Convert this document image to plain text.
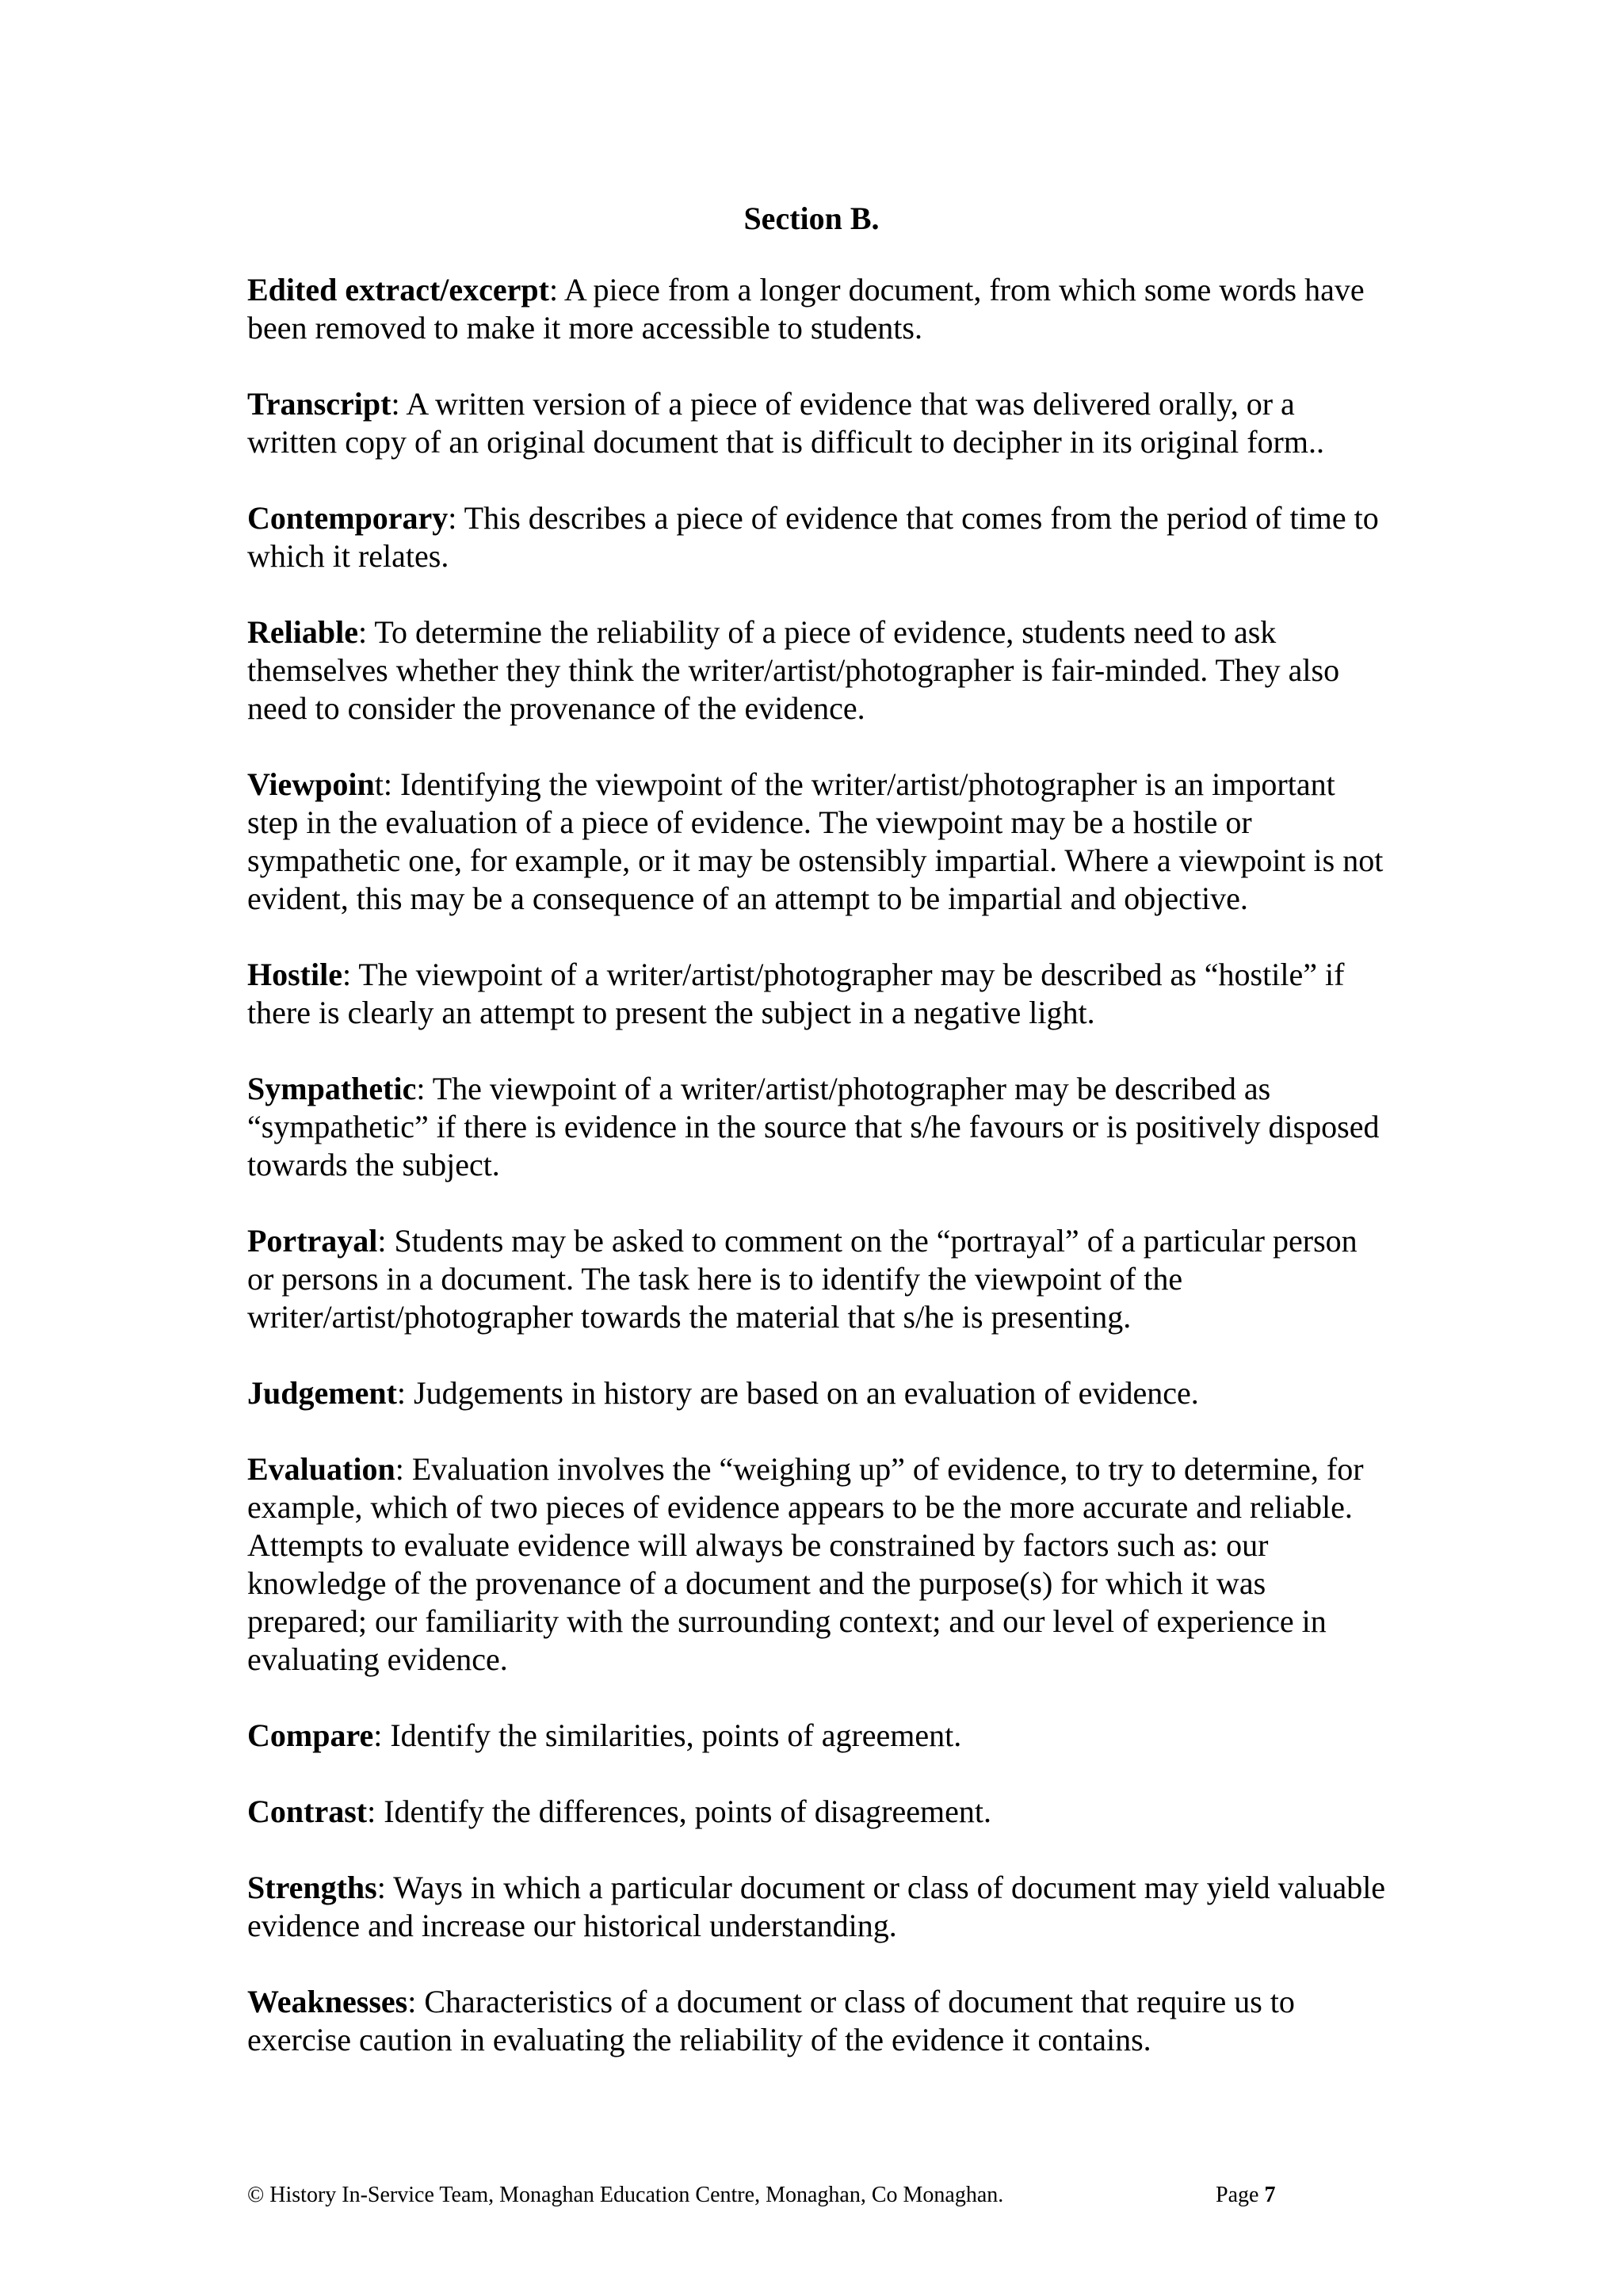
Section B.

Edited extract/excerpt: A piece from a longer document, from which some words have been removed to make it more accessible to students.

Transcript: A written version of a piece of evidence that was delivered orally, or a written copy of an original document that is difficult to decipher in its original form..

Contemporary: This describes a piece of evidence that comes from the period of time to which it relates.

Reliable: To determine the reliability of a piece of evidence, students need to ask themselves whether they think the writer/artist/photographer is fair-minded. They also need to consider the provenance of the evidence.

Viewpoint: Identifying the viewpoint of the writer/artist/photographer is an important step in the evaluation of a piece of evidence. The viewpoint may be a hostile or sympathetic one, for example, or it may be ostensibly impartial. Where a viewpoint is not evident, this may be a consequence of an attempt to be impartial and objective.

Hostile: The viewpoint of a writer/artist/photographer may be described as “hostile” if there is clearly an attempt to present the subject in a negative light.

Sympathetic: The viewpoint of a writer/artist/photographer may be described as “sympathetic” if there is evidence in the source that s/he favours or is positively disposed towards the subject.

Portrayal: Students may be asked to comment on the “portrayal” of a particular person or persons in a document. The task here is to identify the viewpoint of the writer/artist/photographer towards the material that s/he is presenting.

Judgement: Judgements in history are based on an evaluation of evidence.

Evaluation: Evaluation involves the “weighing up” of evidence, to try to determine, for example, which of two pieces of evidence appears to be the more accurate and reliable. Attempts to evaluate evidence will always be constrained by factors such as: our knowledge of the provenance of a document and the purpose(s) for which it was prepared; our familiarity with the surrounding context; and our level of experience in evaluating evidence.

Compare: Identify the similarities, points of agreement.

Contrast: Identify the differences, points of disagreement.

Strengths: Ways in which a particular document or class of document may yield valuable evidence and increase our historical understanding.

Weaknesses: Characteristics of a document or class of document that require us to exercise caution in evaluating the reliability of the evidence it contains.

© History In-Service Team, Monaghan Education Centre, Monaghan, Co Monaghan.	Page 7
